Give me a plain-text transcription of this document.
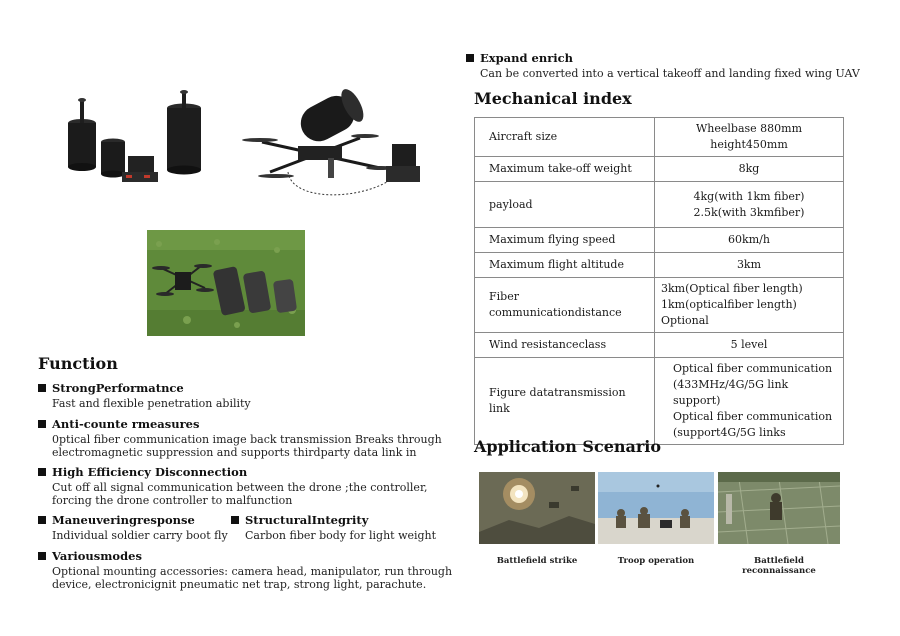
Function
StrongPerformatnce
Fast and flexible penetration ability
Anti-counte rmeasures
0ptical fiber communication image back transmission Breaks through
electromagnetic suppression and supports thirdparty data link in
High Efficiency Disconnection
Cut off all signal communication between the drone ;the controller,
forcing the drone controller to malfunction
Maneuveringresponse
Individual soldier carry boot fly
StructuralIntegrity
Carbon fiber body for light weight
Variousmodes
Optional mounting accessories: camera head, manipulator, run through
device, electronicignit pneumatic net trap, strong light, parachute.
Expand enrich
Can be converted into a vertical takeoff and landing fixed wing UAV
Mechanical index
Aircraft size	Wheelbase 880mm height450mm

Maximum take-off weight	8kg

payload	4kg(with 1km fiber)
2.5k(with 3kmfiber)

Maximum flying speed	60km/h

Maximum flight altitude	3km

Fiber communicationdistance	3km(Optical fiber length)
1km(opticalfiber length) Optional

Wind resistanceclass	5 level

Figure datatransmission link	Optical fiber communication
(433MHz/4G/5G link support)
Optical fiber communication
(support4G/5G links
Application Scenario
Battlefield strike	Troop operation	Battlefield reconnaissance
